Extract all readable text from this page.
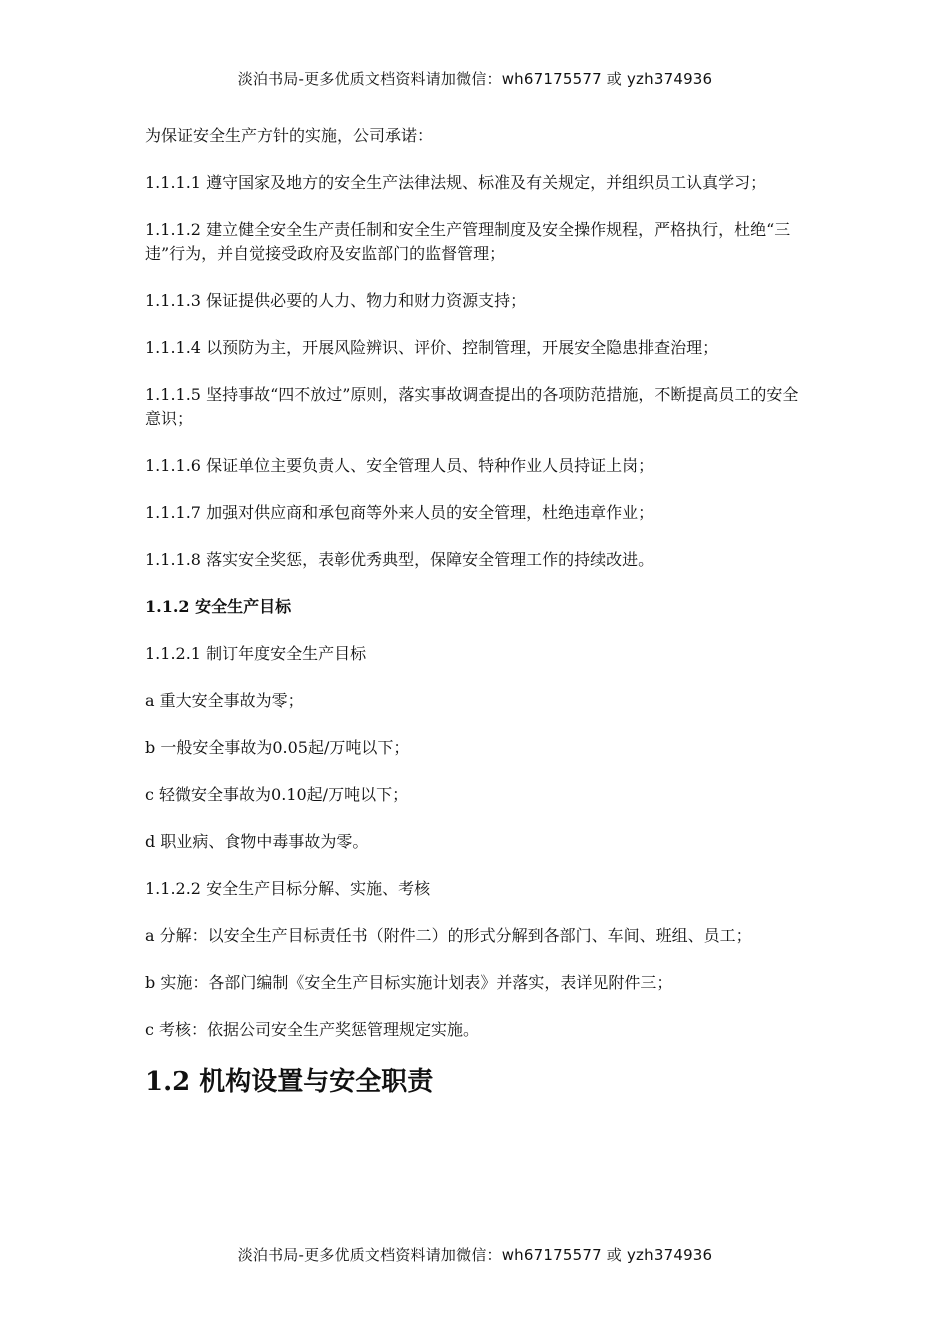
淡泊书局-更多优质文档资料请加微信：wh67175577 或 yzh374936

为保证安全生产方针的实施，公司承诺：

1.1.1.1 遵守国家及地方的安全生产法律法规、标准及有关规定，并组织员工认真学习；

1.1.1.2 建立健全安全生产责任制和安全生产管理制度及安全操作规程，严格执行，杜绝“三违”行为，并自觉接受政府及安监部门的监督管理；

1.1.1.3 保证提供必要的人力、物力和财力资源支持；

1.1.1.4 以预防为主，开展风险辨识、评价、控制管理，开展安全隐患排查治理；

1.1.1.5 坚持事故“四不放过”原则，落实事故调查提出的各项防范措施，不断提高员工的安全意识；

1.1.1.6 保证单位主要负责人、安全管理人员、特种作业人员持证上岗；

1.1.1.7 加强对供应商和承包商等外来人员的安全管理，杜绝违章作业；

1.1.1.8 落实安全奖惩，表彰优秀典型，保障安全管理工作的持续改进。

1.1.2 安全生产目标

1.1.2.1 制订年度安全生产目标

a 重大安全事故为零；

b 一般安全事故为0.05起/万吨以下；

c 轻微安全事故为0.10起/万吨以下；

d 职业病、食物中毒事故为零。

1.1.2.2 安全生产目标分解、实施、考核

a 分解：以安全生产目标责任书（附件二）的形式分解到各部门、车间、班组、员工；

b 实施：各部门编制《安全生产目标实施计划表》并落实，表详见附件三；

c 考核：依据公司安全生产奖惩管理规定实施。

1.2 机构设置与安全职责
淡泊书局-更多优质文档资料请加微信：wh67175577 或 yzh374936
